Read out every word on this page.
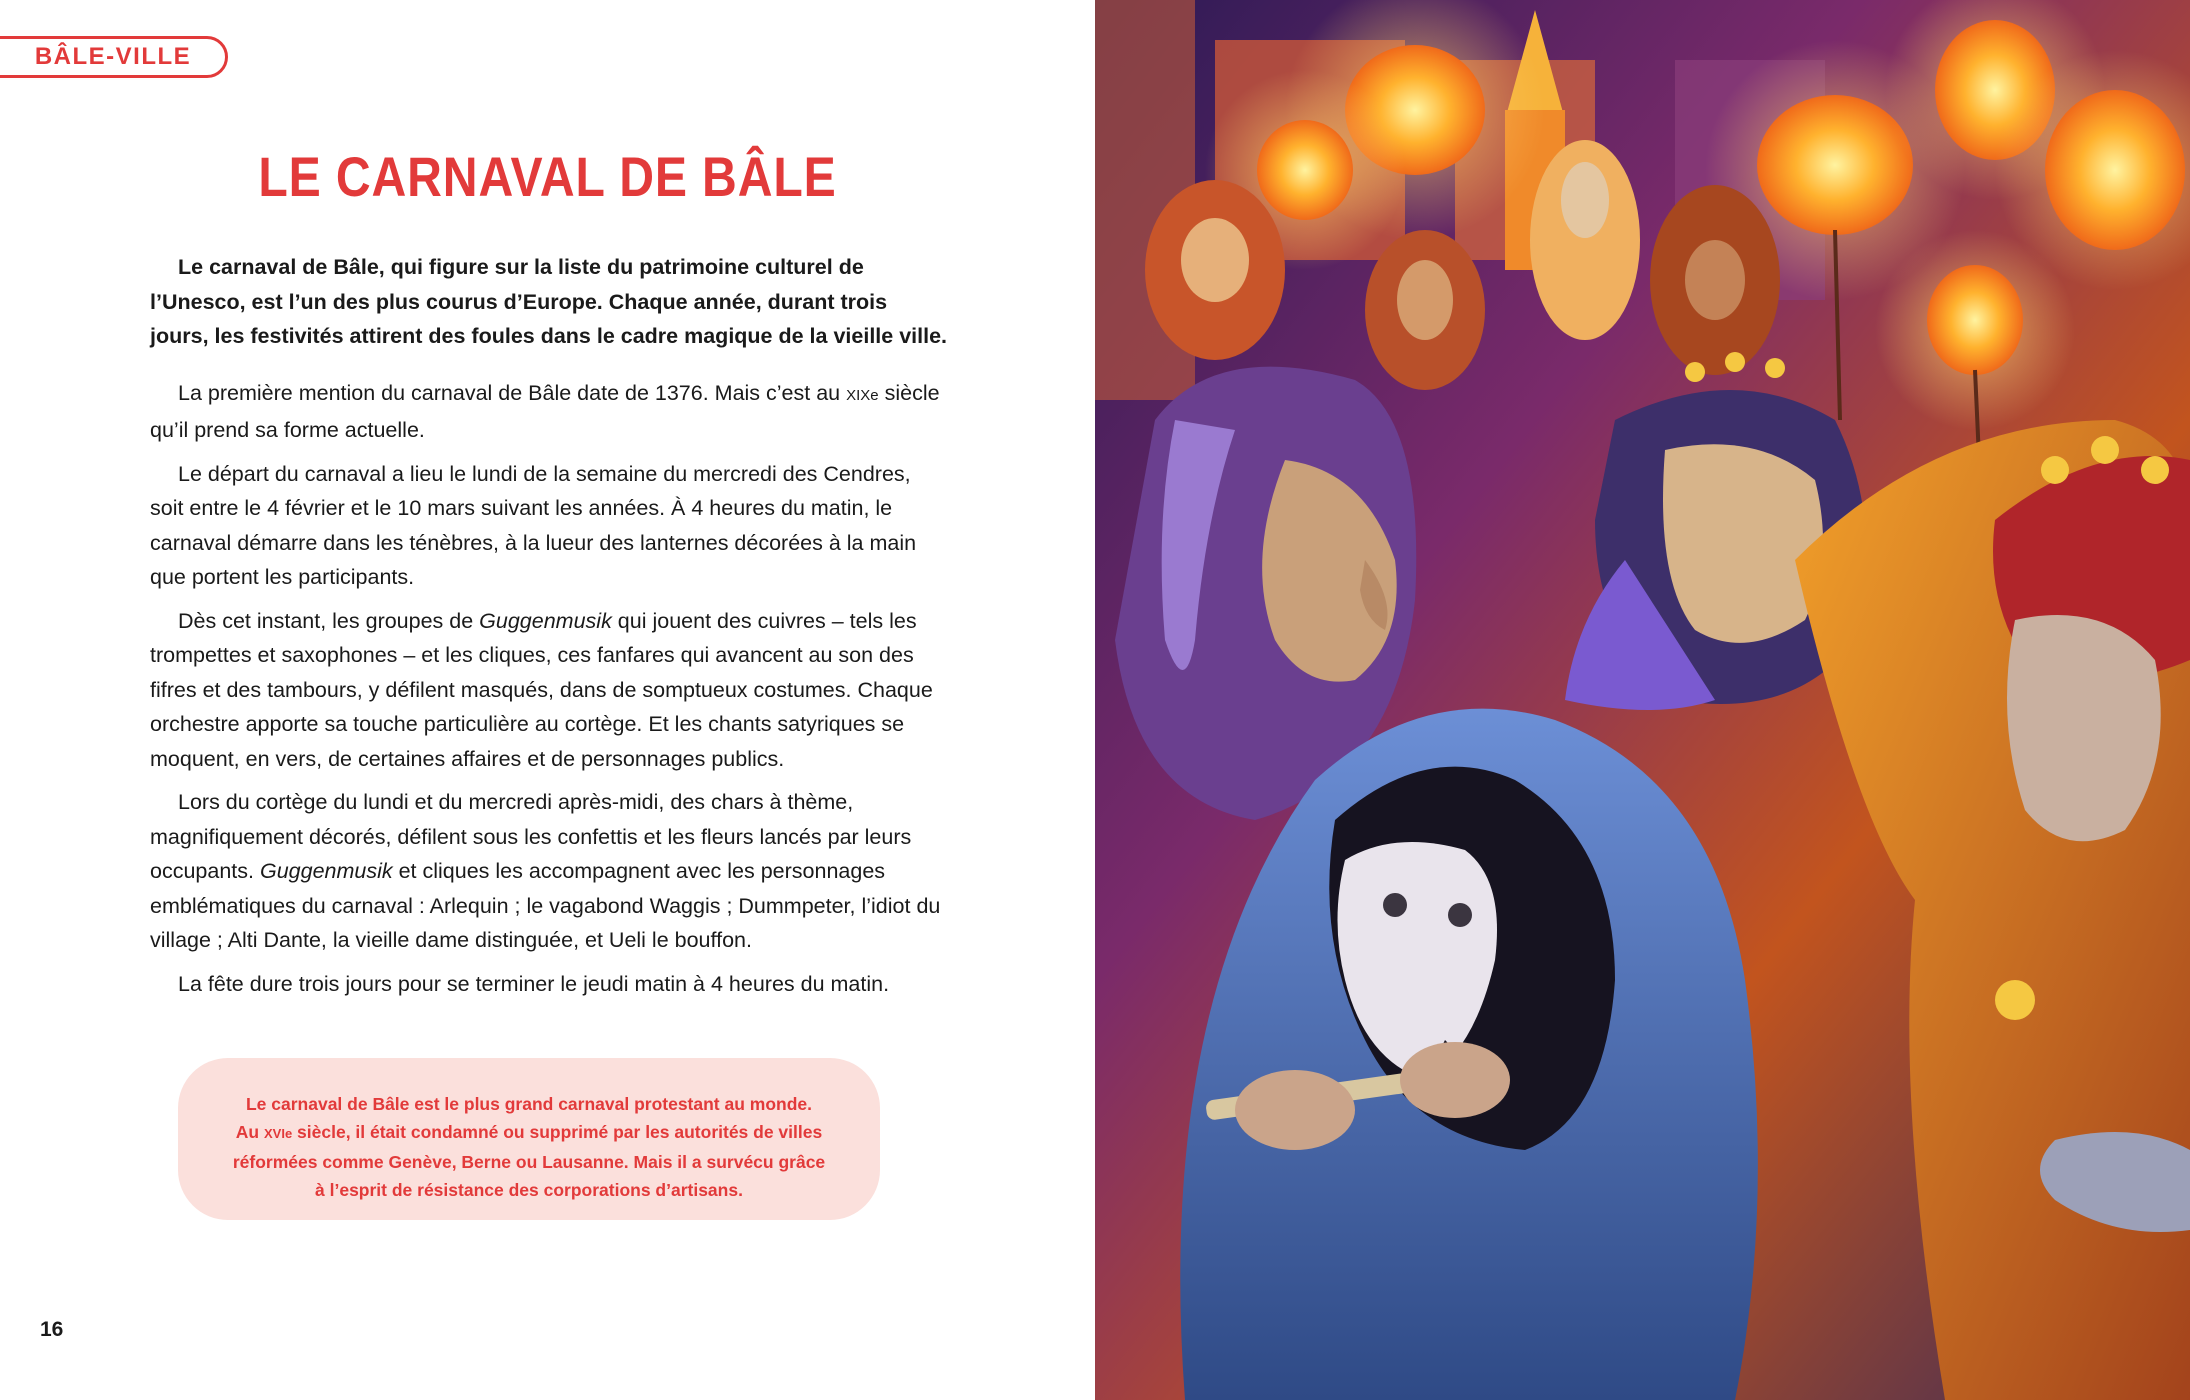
BÂLE-VILLE
LE CARNAVAL DE BÂLE

Le carnaval de Bâle, qui figure sur la liste du patrimoine culturel de l’Unesco, est l’un des plus courus d’Europe. Chaque année, durant trois jours, les festivités attirent des foules dans le cadre magique de la vieille ville.

La première mention du carnaval de Bâle date de 1376. Mais c’est au XIXe siècle qu’il prend sa forme actuelle.

Le départ du carnaval a lieu le lundi de la semaine du mercredi des Cendres, soit entre le 4 février et le 10 mars suivant les années. À 4 heures du matin, le carnaval démarre dans les ténèbres, à la lueur des lanternes décorées à la main que portent les participants.

Dès cet instant, les groupes de Guggenmusik qui jouent des cuivres – tels les trompettes et saxophones – et les cliques, ces fanfares qui avancent au son des fifres et des tambours, y défilent masqués, dans de somptueux costumes. Chaque orchestre apporte sa touche particulière au cortège. Et les chants satyriques se moquent, en vers, de certaines affaires et de personnages publics.

Lors du cortège du lundi et du mercredi après-midi, des chars à thème, magnifiquement décorés, défilent sous les confettis et les fleurs lancés par leurs occupants. Guggenmusik et cliques les accompagnent avec les personnages emblématiques du carnaval : Arlequin ; le vagabond Waggis ; Dummpeter, l’idiot du village ; Alti Dante, la vieille dame distinguée, et Ueli le bouffon.

La fête dure trois jours pour se terminer le jeudi matin à 4 heures du matin.

Le carnaval de Bâle est le plus grand carnaval protestant au monde.

Au XVIe siècle, il était condamné ou supprimé par les autorités de villes

réformées comme Genève, Berne ou Lausanne. Mais il a survécu grâce

à l’esprit de résistance des corporations d’artisans.

16
